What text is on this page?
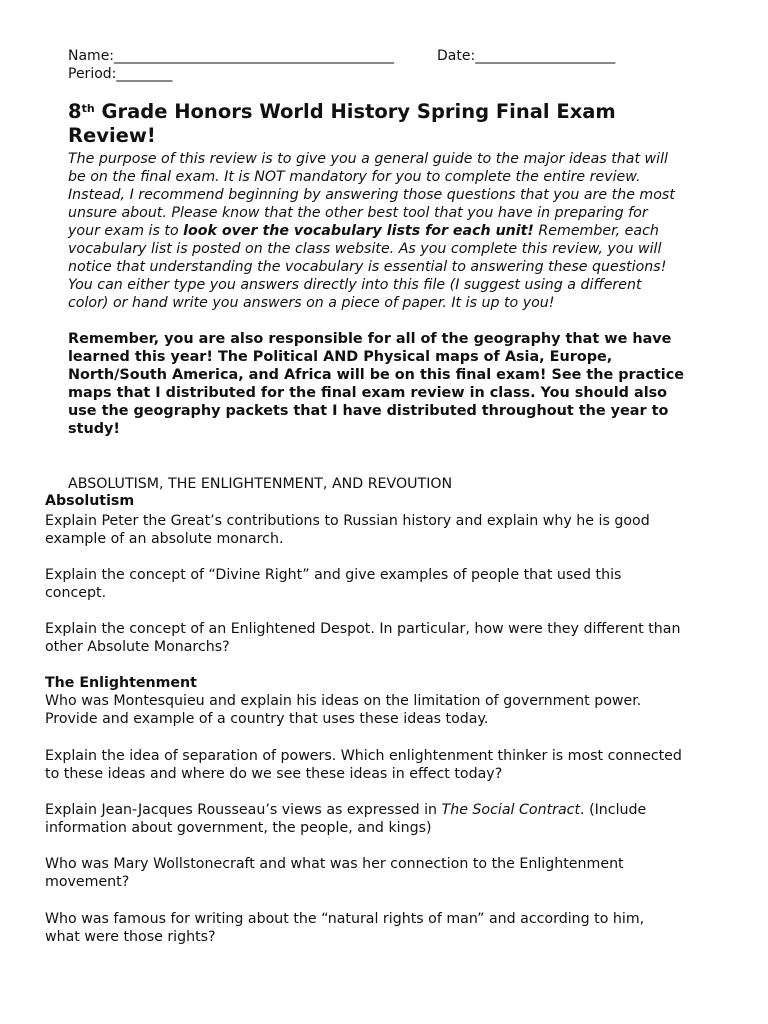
Name:________________________________________	Date:____________________
Period:________

8th Grade Honors World History Spring Final Exam

Review!

The purpose of this review is to give you a general guide to the major ideas that will

be on the final exam. It is NOT mandatory for you to complete the entire review.

Instead, I recommend beginning by answering those questions that you are the most

unsure about. Please know that the other best tool that you have in preparing for

your exam is to look over the vocabulary lists for each unit! Remember, each

vocabulary list is posted on the class website. As you complete this review, you will

notice that understanding the vocabulary is essential to answering these questions!

You can either type you answers directly into this file (I suggest using a different

color) or hand write you answers on a piece of paper. It is up to you!

Remember, you are also responsible for all of the geography that we have

learned this year! The Political AND Physical maps of Asia, Europe,

North/South America, and Africa will be on this final exam! See the practice

maps that I distributed for the final exam review in class. You should also

use the geography packets that I have distributed throughout the year to

study!

ABSOLUTISM, THE ENLIGHTENMENT, AND REVOUTION
Absolutism

Explain Peter the Great’s contributions to Russian history and explain why he is good

example of an absolute monarch.

Explain the concept of “Divine Right” and give examples of people that used this

concept.

Explain the concept of an Enlightened Despot. In particular, how were they different than

other Absolute Monarchs?

The Enlightenment

Who was Montesquieu and explain his ideas on the limitation of government power.

Provide and example of a country that uses these ideas today.

Explain the idea of separation of powers. Which enlightenment thinker is most connected

to these ideas and where do we see these ideas in effect today?

Explain Jean-Jacques Rousseau’s views as expressed in The Social Contract. (Include

information about government, the people, and kings)

Who was Mary Wollstonecraft and what was her connection to the Enlightenment

movement?

Who was famous for writing about the “natural rights of man” and according to him,

what were those rights?
